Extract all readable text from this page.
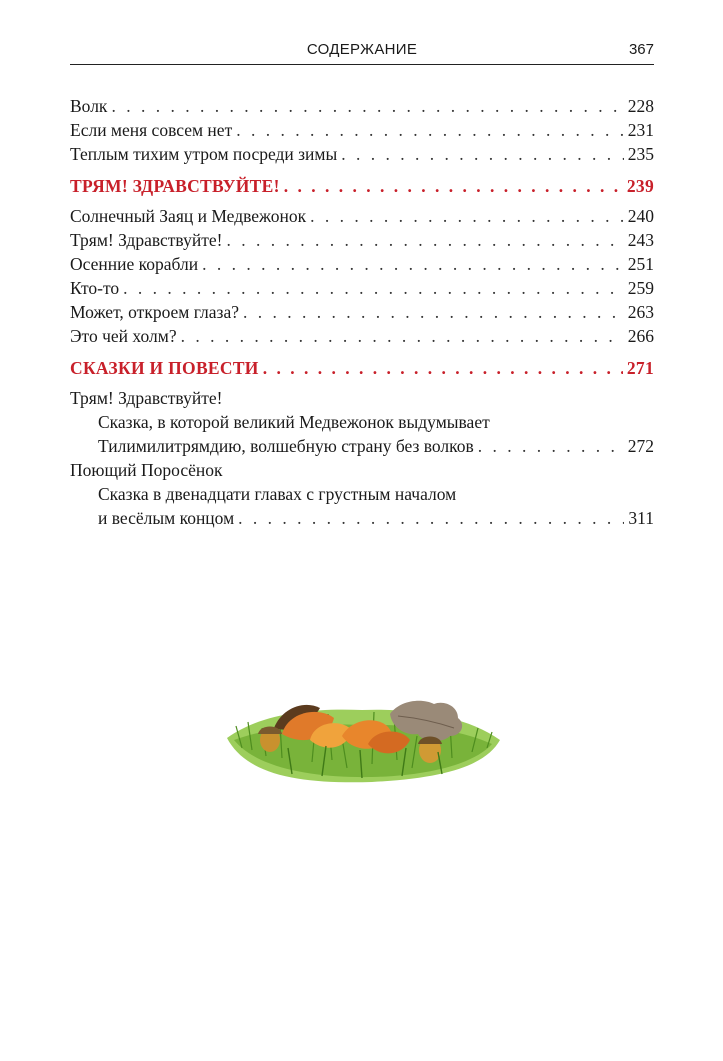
СОДЕРЖАНИЕ	367
Волк . . .	228
Если меня совсем нет . . .	231
Теплым тихим утром посреди зимы . . .	235
ТРЯМ! ЗДРАВСТВУЙТЕ! . . .	239
Солнечный Заяц и Медвежонок . . .	240
Трям! Здравствуйте! . . .	243
Осенние корабли . . .	251
Кто-то . . .	259
Может, откроем глаза? . . .	263
Это чей холм? . . .	266
СКАЗКИ И ПОВЕСТИ . . .	271
Трям! Здравствуйте!
Сказка, в которой великий Медвежонок выдумывает
Тилимилитрямдию, волшебную страну без волков . . .	272
Поющий Поросёнок
Сказка в двенадцати главах с грустным началом
и весёлым концом . . .	311
